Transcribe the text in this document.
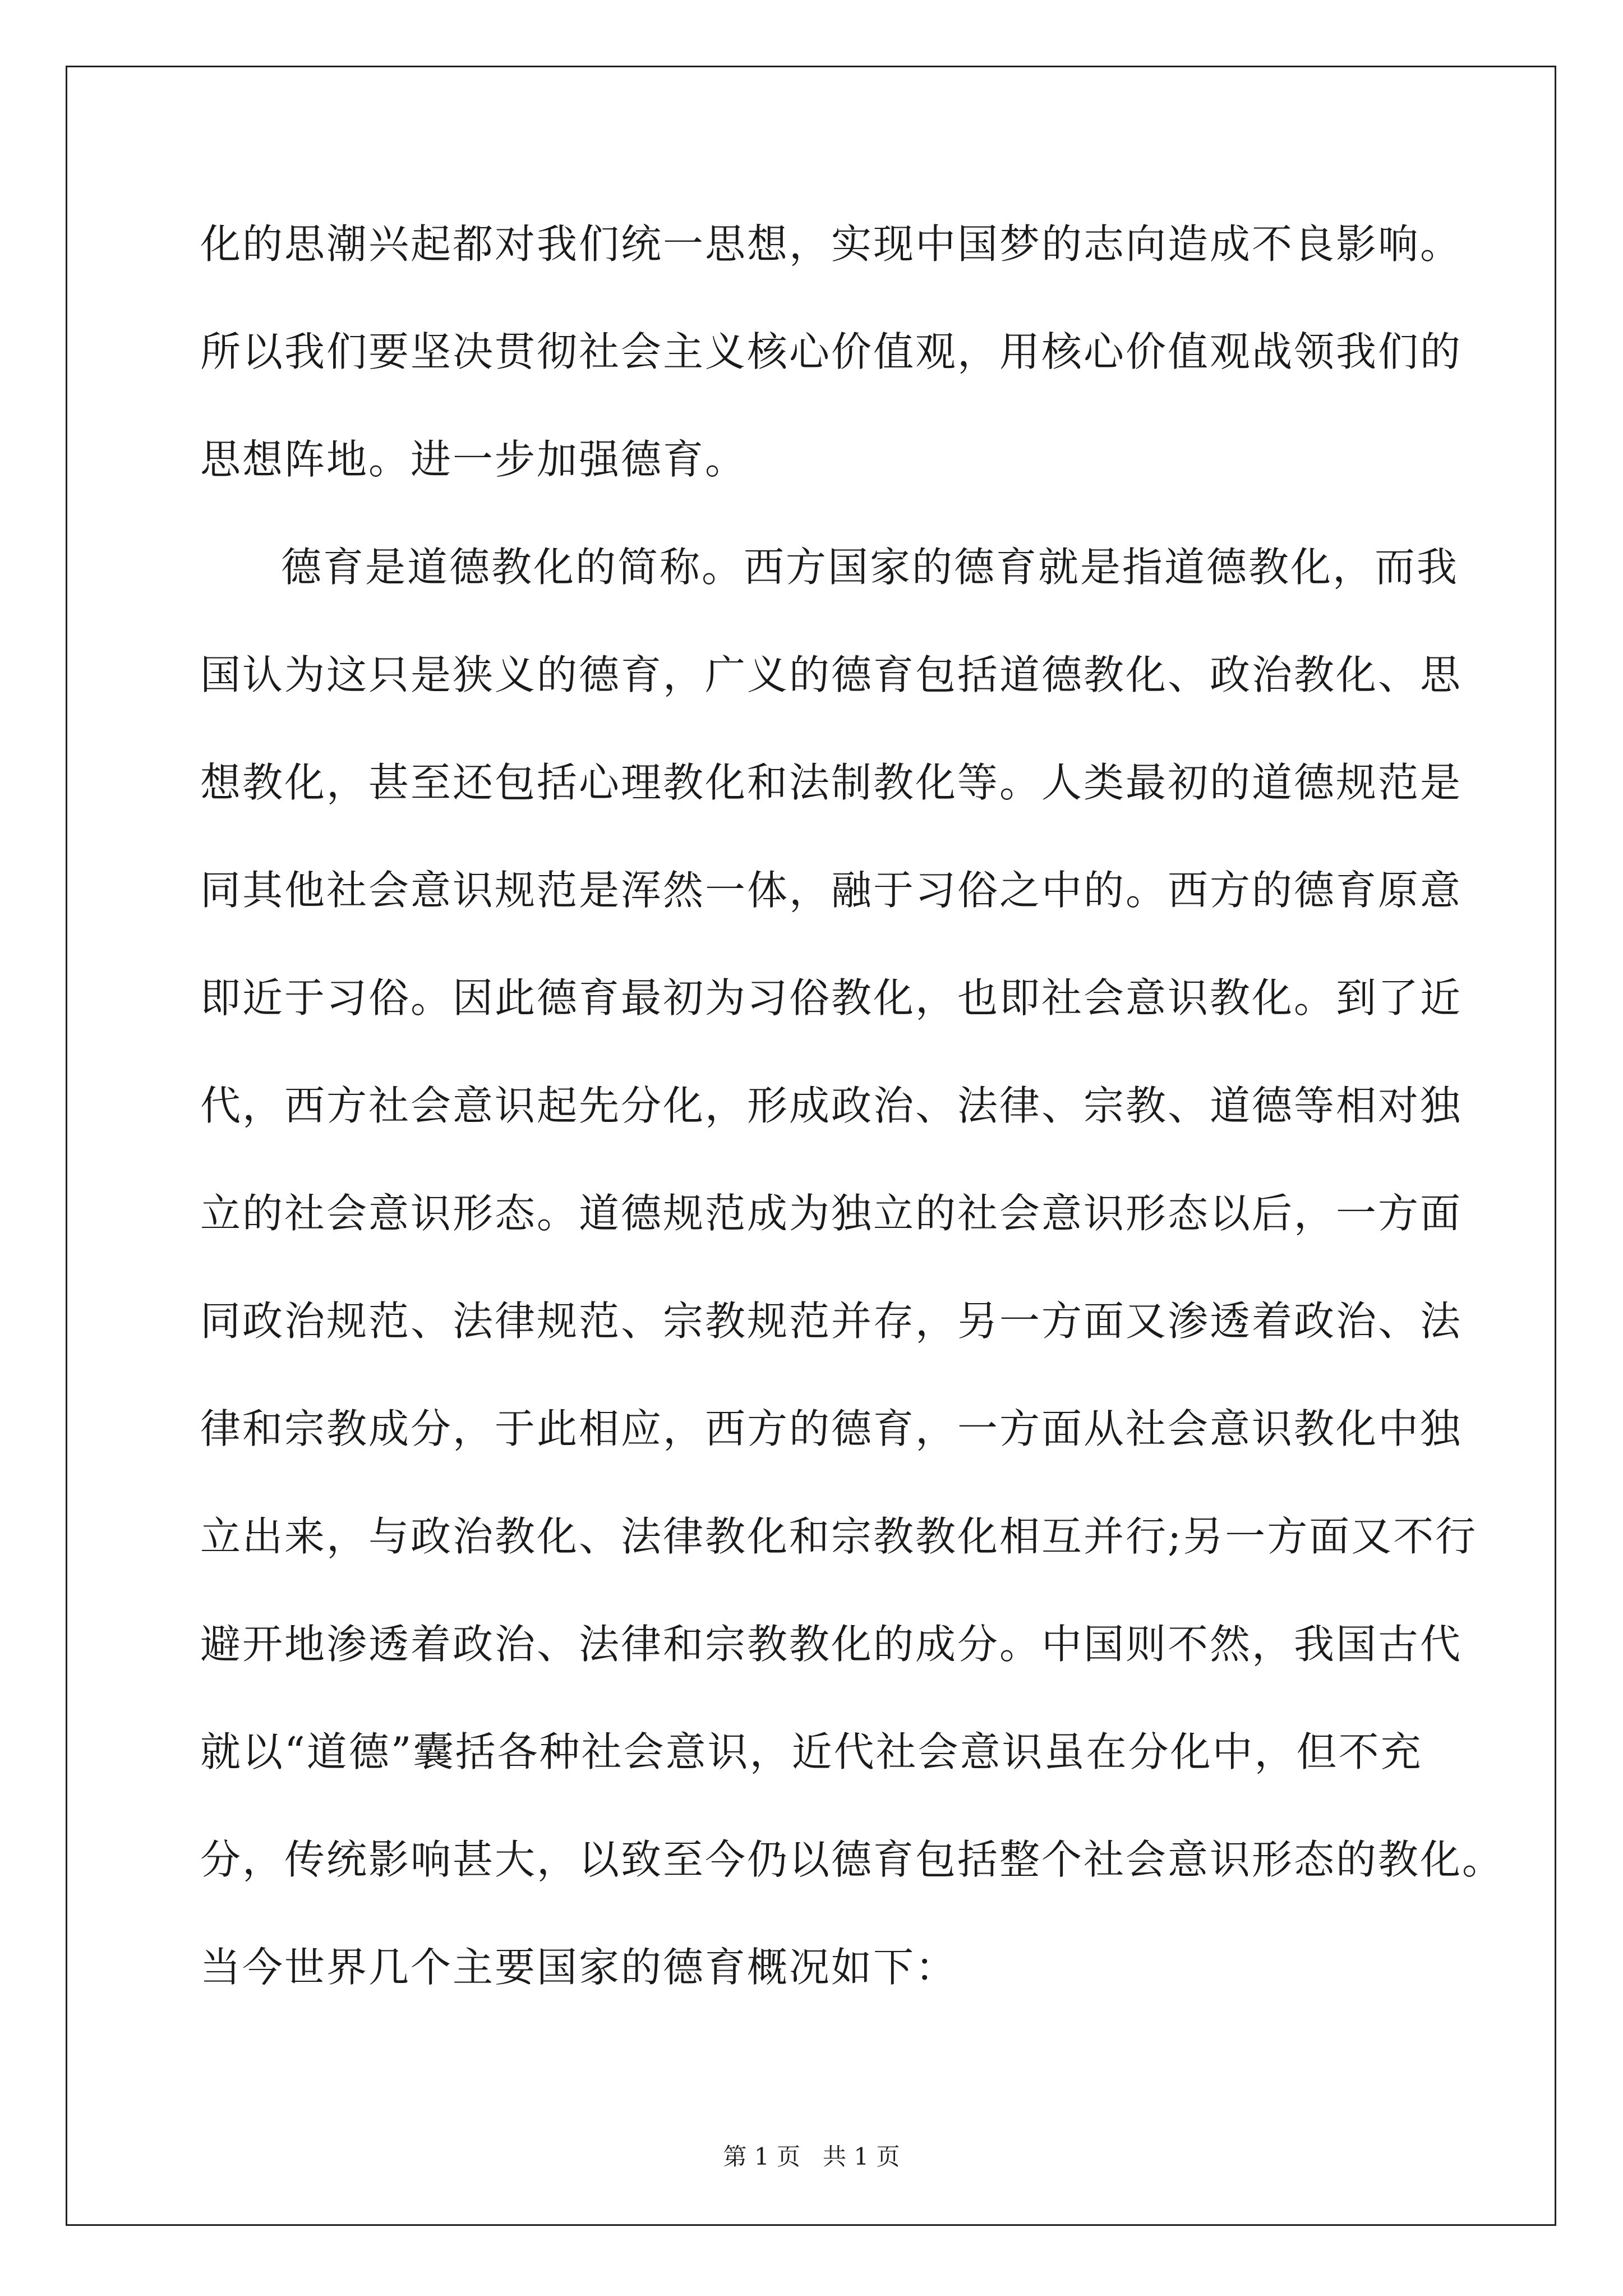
化的思潮兴起都对我们统一思想，实现中国梦的志向造成不良影响。
所以我们要坚决贯彻社会主义核心价值观，用核心价值观战领我们的
思想阵地。进一步加强德育。
德育是道德教化的简称。西方国家的德育就是指道德教化，而我
国认为这只是狭义的德育，广义的德育包括道德教化、政治教化、思
想教化，甚至还包括心理教化和法制教化等。人类最初的道德规范是
同其他社会意识规范是浑然一体，融于习俗之中的。西方的德育原意
即近于习俗。因此德育最初为习俗教化，也即社会意识教化。到了近
代，西方社会意识起先分化，形成政治、法律、宗教、道德等相对独
立的社会意识形态。道德规范成为独立的社会意识形态以后，一方面
同政治规范、法律规范、宗教规范并存，另一方面又渗透着政治、法
律和宗教成分，于此相应，西方的德育，一方面从社会意识教化中独
立出来，与政治教化、法律教化和宗教教化相互并行;另一方面又不行
避开地渗透着政治、法律和宗教教化的成分。中国则不然，我国古代
就以“道德”囊括各种社会意识，近代社会意识虽在分化中，但不充
分，传统影响甚大，以致至今仍以德育包括整个社会意识形态的教化。
当今世界几个主要国家的德育概况如下：
第 1 页 共 1 页
